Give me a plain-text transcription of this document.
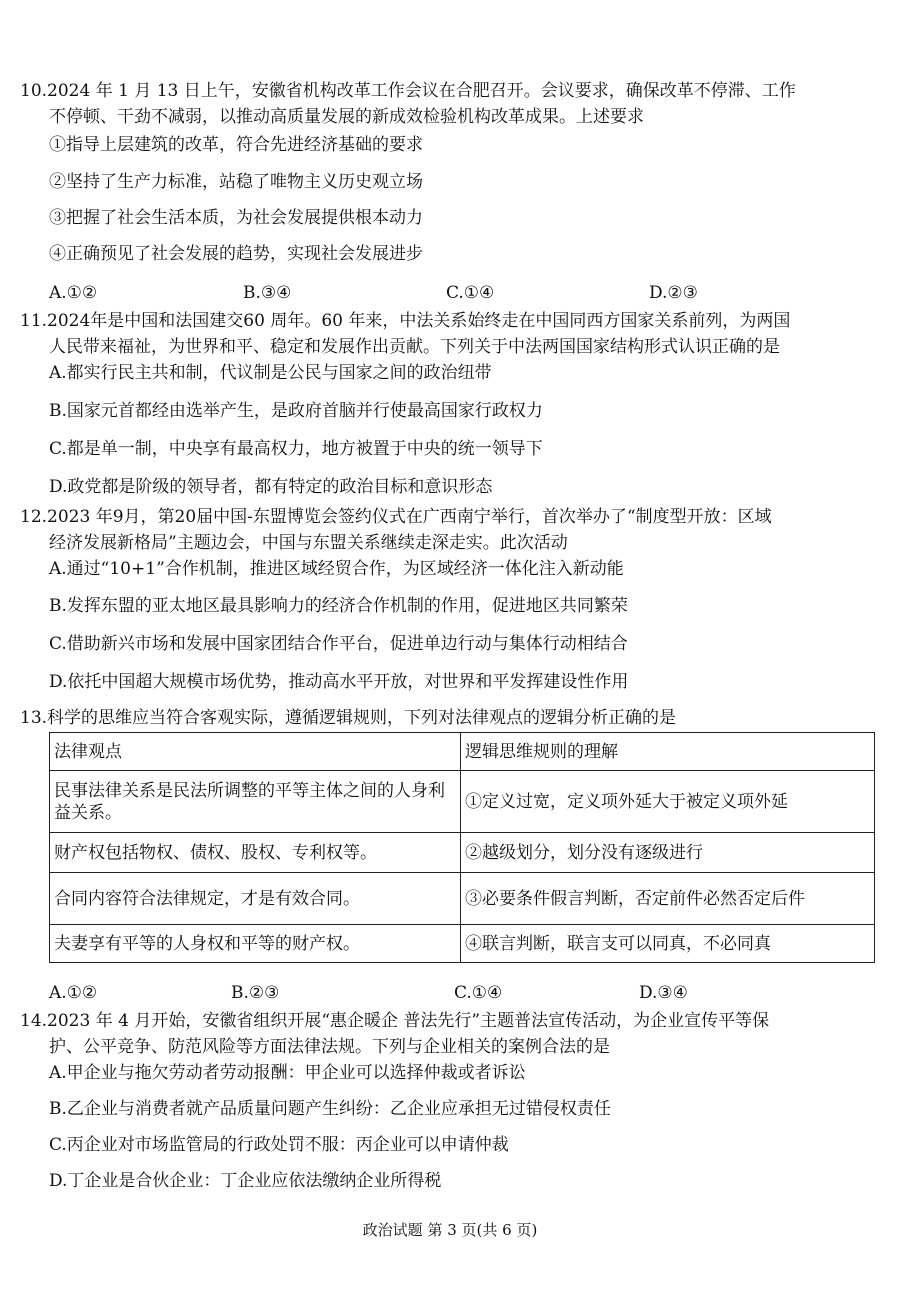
10.2024 年 1 月 13 日上午，安徽省机构改革工作会议在合肥召开。会议要求，确保改革不停滞、工作
不停顿、干劲不减弱，以推动高质量发展的新成效检验机构改革成果。上述要求
①指导上层建筑的改革，符合先进经济基础的要求
②坚持了生产力标准，站稳了唯物主义历史观立场
③把握了社会生活本质，为社会发展提供根本动力
④正确预见了社会发展的趋势，实现社会发展进步
A.①②	B.③④	C.①④	D.②③
11.2024年是中国和法国建交60 周年。60 年来，中法关系始终走在中国同西方国家关系前列，为两国
人民带来福祉，为世界和平、稳定和发展作出贡献。下列关于中法两国国家结构形式认识正确的是
A.都实行民主共和制，代议制是公民与国家之间的政治纽带
B.国家元首都经由选举产生，是政府首脑并行使最高国家行政权力
C.都是单一制，中央享有最高权力，地方被置于中央的统一领导下
D.政党都是阶级的领导者，都有特定的政治目标和意识形态
12.2023 年9月，第20届中国-东盟博览会签约仪式在广西南宁举行，首次举办了“制度型开放：区域
经济发展新格局”主题边会，中国与东盟关系继续走深走实。此次活动
A.通过“10+1”合作机制，推进区域经贸合作，为区域经济一体化注入新动能
B.发挥东盟的亚太地区最具影响力的经济合作机制的作用，促进地区共同繁荣
C.借助新兴市场和发展中国家团结合作平台，促进单边行动与集体行动相结合
D.依托中国超大规模市场优势，推动高水平开放，对世界和平发挥建设性作用
13.科学的思维应当符合客观实际，遵循逻辑规则，下列对法律观点的逻辑分析正确的是
法律观点	逻辑思维规则的理解
民事法律关系是民法所调整的平等主体之间的人身利益关系。	①定义过宽，定义项外延大于被定义项外延
财产权包括物权、债权、股权、专利权等。	②越级划分，划分没有逐级进行
合同内容符合法律规定，才是有效合同。	③必要条件假言判断，否定前件必然否定后件
夫妻享有平等的人身权和平等的财产权。	④联言判断，联言支可以同真，不必同真
A.①②	B.②③	C.①④	D.③④
14.2023 年 4 月开始，安徽省组织开展“惠企暖企 普法先行”主题普法宣传活动，为企业宣传平等保
护、公平竞争、防范风险等方面法律法规。下列与企业相关的案例合法的是
A.甲企业与拖欠劳动者劳动报酬：甲企业可以选择仲裁或者诉讼
B.乙企业与消费者就产品质量问题产生纠纷：乙企业应承担无过错侵权责任
C.丙企业对市场监管局的行政处罚不服：丙企业可以申请仲裁
D.丁企业是合伙企业：丁企业应依法缴纳企业所得税
政治试题 第 3 页(共 6 页)
